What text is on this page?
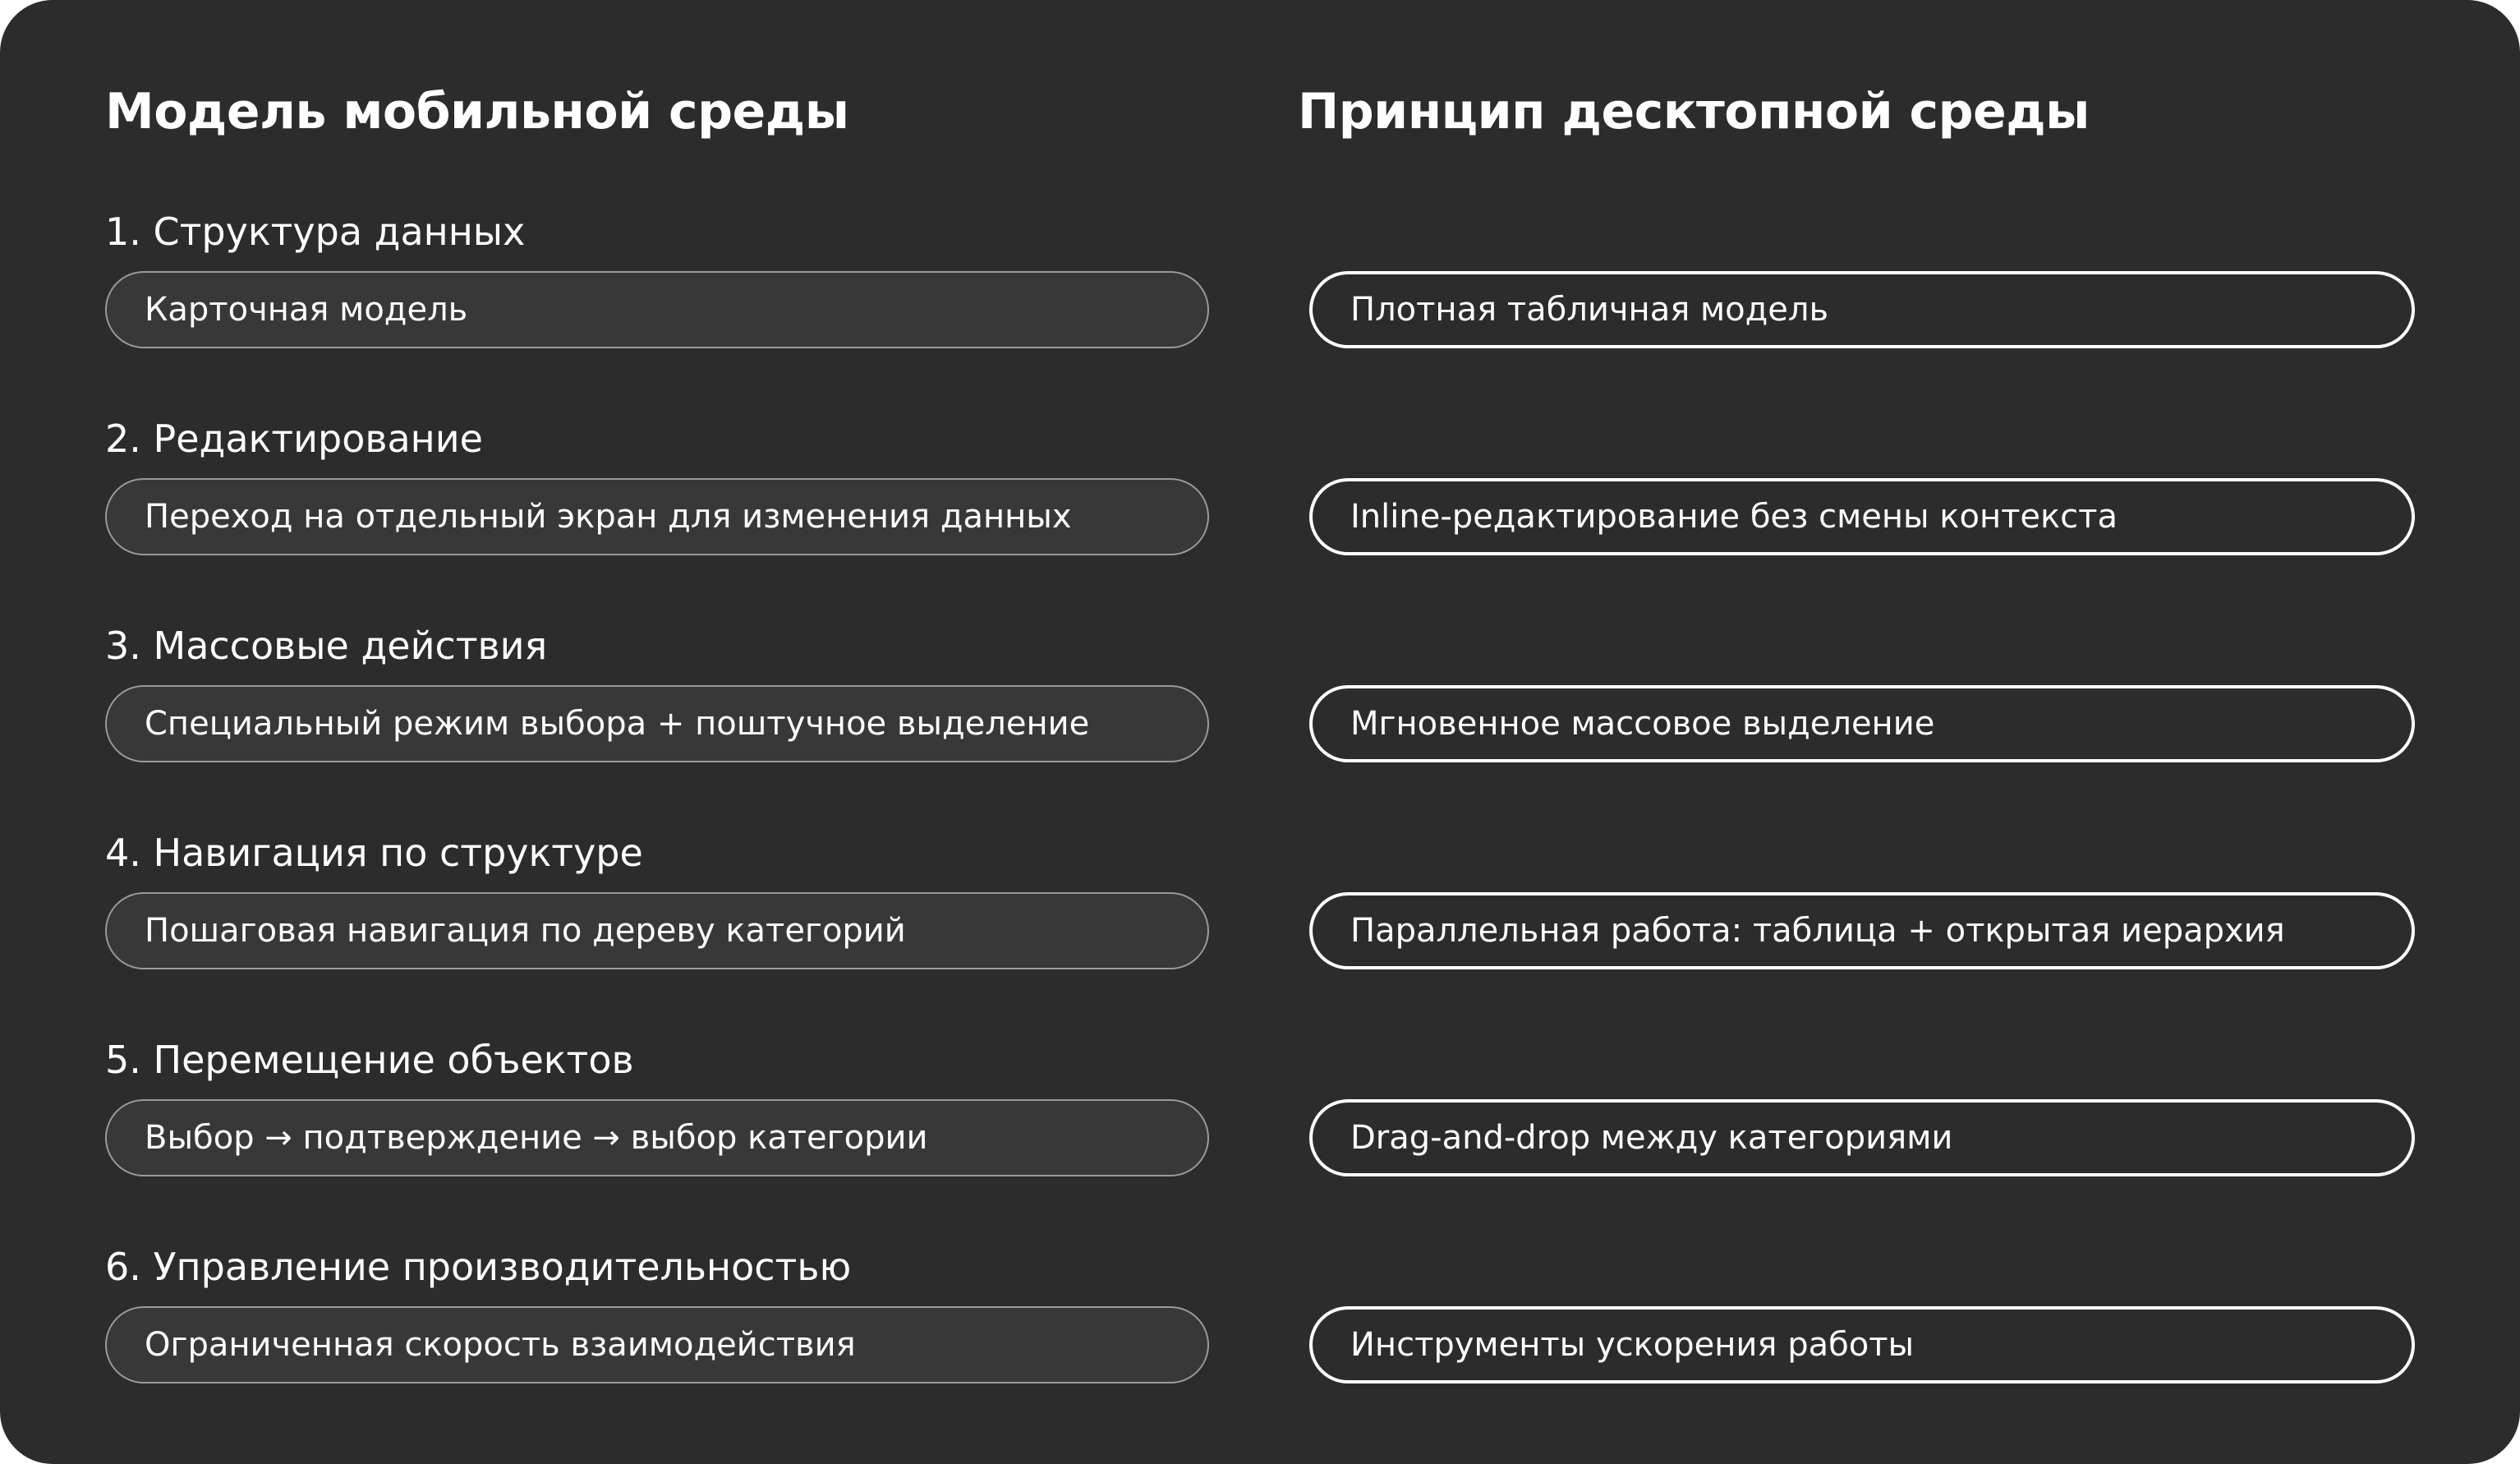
Модель мобильной среды	Принцип десктопной среды
1. Структура данных
Карточная модель	Плотная табличная модель
2. Редактирование
Переход на отдельный экран для изменения данных	Inline-редактирование без смены контекста
3. Массовые действия
Специальный режим выбора + поштучное выделение	Мгновенное массовое выделение
4. Навигация по структуре
Пошаговая навигация по дереву категорий	Параллельная работа: таблица + открытая иерархия
5. Перемещение объектов
Выбор → подтверждение → выбор категории	Drag-and-drop между категориями
6. Управление производительностью
Ограниченная скорость взаимодействия	Инструменты ускорения работы
